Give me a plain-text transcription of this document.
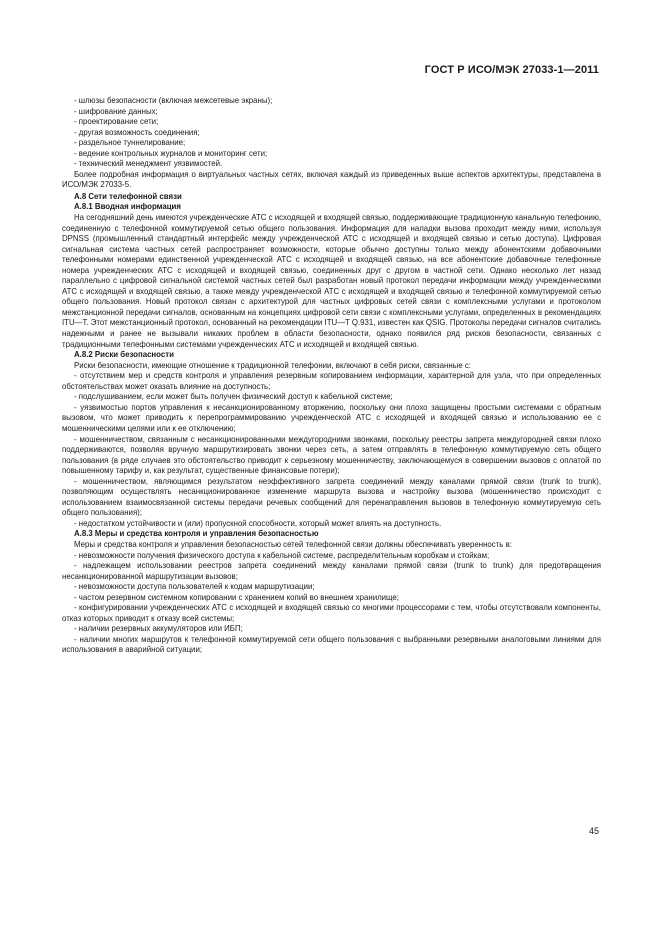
ГОСТ Р ИСО/МЭК 27033-1—2011

- шлюзы безопасности (включая межсетевые экраны);

- шифрование данных;

- проектирование сети;

- другая возможность соединения;

- раздельное туннелирование;

- ведение контрольных журналов и мониторинг сети;

- технический менеджмент уязвимостей.

Более подробная информация о виртуальных частных сетях, включая каждый из приведенных выше аспектов архитектуры, представлена в ИСО/МЭК 27033-5.

А.8 Сети телефонной связи

А.8.1 Вводная информация

На сегодняшний день имеются учрежденческие АТС с исходящей и входящей связью, поддерживающие традиционную канальную телефонию, соединенную с телефонной коммутируемой сетью общего пользования. Информация для наладки вызова проходит между ними, используя DPNSS (промышленный стандартный интерфейс между учрежденческой АТС с исходящей и входящей связью и сетью доступа). Цифровая сигнальная система частных сетей распространяет возможности, которые обычно доступны только между абонентскими добавочными телефонными номерами единственной учрежденческой АТС с исходящей и входящей связью, на все абонентские добавочные телефонные номера учрежденческих АТС с исходящей и входящей связью, соединенных друг с другом в частной сети. Однако несколько лет назад параллельно с цифровой сигнальной системой частных сетей был разработан новый протокол передачи информации между учрежденческими АТС с исходящей и входящей связью, а также между учрежденческой АТС с исходящей и входящей связью и телефонной коммутируемой сетью общего пользования. Новый протокол связан с архитектурой для частных цифровых сетей связи с комплексными услугами и протоколом межстанционной передачи сигналов, основанным на концепциях цифровой сети связи с комплексными услугами, определенных в рекомендациях ITU—T. Этот межстанционный протокол, основанный на рекомендации ITU—T Q.931, известен как QSIG. Протоколы передачи сигналов считались надежными и ранее не вызывали никаких проблем в области безопасности, однако появился ряд рисков безопасности, связанных с традиционными телефонными системами учрежденческих АТС и исходящей и входящей связью.

А.8.2 Риски безопасности

Риски безопасности, имеющие отношение к традиционной телефонии, включают в себя риски, связанные с:

- отсутствием мер и средств контроля и управления резервным копированием информации, характерной для узла, что при определенных обстоятельствах может оказать влияние на доступность;

- подслушиванием, если может быть получен физический доступ к кабельной системе;

- уязвимостью портов управления к несанкционированному вторжению, поскольку они плохо защищены простыми системами с обратным вызовом, что может приводить к перепрограммированию учрежденческой АТС с исходящей и входящей связью и использованию ее с мошенническими целями или к ее отключению;

- мошенничеством, связанным с несанкционированными междугородними звонками, поскольку реестры запрета междугородней связи плохо поддерживаются, позволяя вручную маршрутизировать звонки через сеть, а затем отправлять в телефонную коммутируемую сеть общего пользования (в ряде случаев это обстоятельство приводит к серьезному мошенничеству, заключающемуся в совершении вызовов с оплатой по повышенному тарифу и, как результат, существенные финансовые потери);

- мошенничеством, являющимся результатом неэффективного запрета соединений между каналами прямой связи (trunk to trunk), позволяющим осуществлять несанкционированное изменение маршрута вызова и настройку вызова (мошенничество происходит с использованием взаимосвязанной системы передачи речевых сообщений для перенаправления вызовов в телефонную коммутируемую сеть общего пользования);

- недостатком устойчивости и (или) пропускной способности, который может влиять на доступность.

А.8.3 Меры и средства контроля и управления безопасностью

Меры и средства контроля и управления безопасностью сетей телефонной связи должны обеспечивать уверенность в:

- невозможности получения физического доступа к кабельной системе, распределительным коробкам и стойкам;

- надлежащем использовании реестров запрета соединений между каналами прямой связи (trunk to trunk) для предотвращения несанкционированной маршрутизации вызовов;

- невозможности доступа пользователей к кодам маршрутизации;

- частом резервном системном копировании с хранением копий во внешнем хранилище;

- конфигурировании учрежденческих АТС с исходящей и входящей связью со многими процессорами с тем, чтобы отсутствовали компоненты, отказ которых приводит к отказу всей системы;

- наличии резервных аккумуляторов или ИБП;

- наличии многих маршрутов к телефонной коммутируемой сети общего пользования с выбранными резервными аналоговыми линиями для использования в аварийной ситуации;

45
